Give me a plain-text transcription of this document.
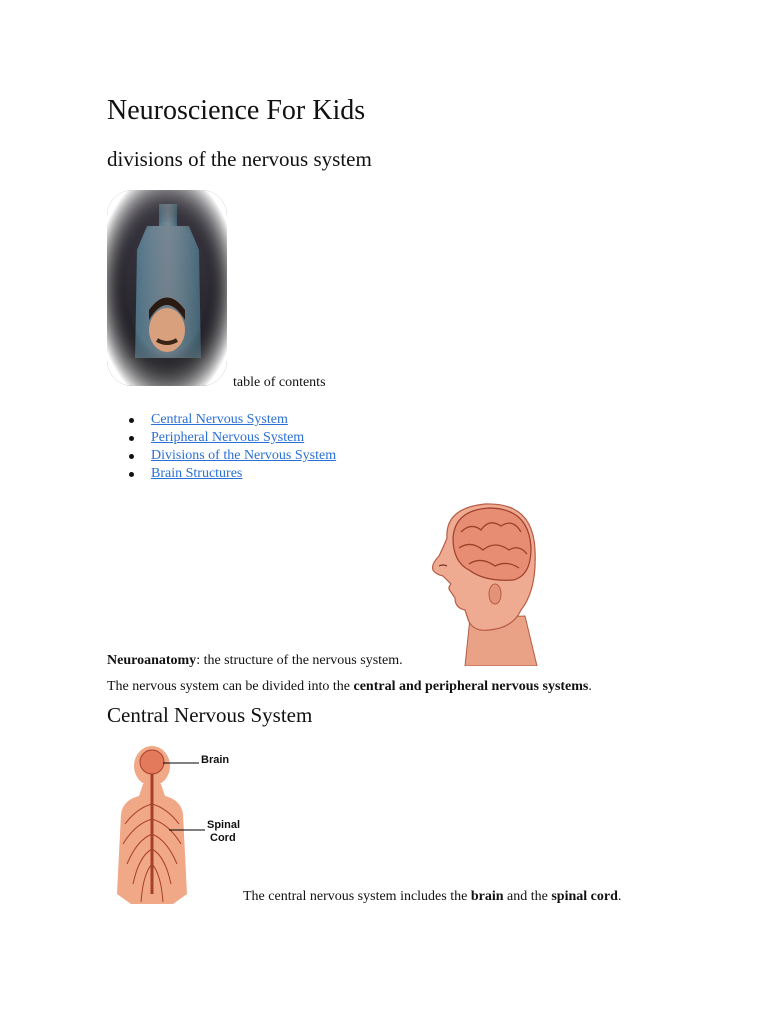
Neuroscience For Kids
divisions of the nervous system
table of contents
Central Nervous System
Peripheral Nervous System
Divisions of the Nervous System
Brain Structures
Neuroanatomy: the structure of the nervous system.
The nervous system can be divided into the central and peripheral nervous systems.
Central Nervous System
Brain
Spinal
Cord
The central nervous system includes the brain and the spinal cord.
